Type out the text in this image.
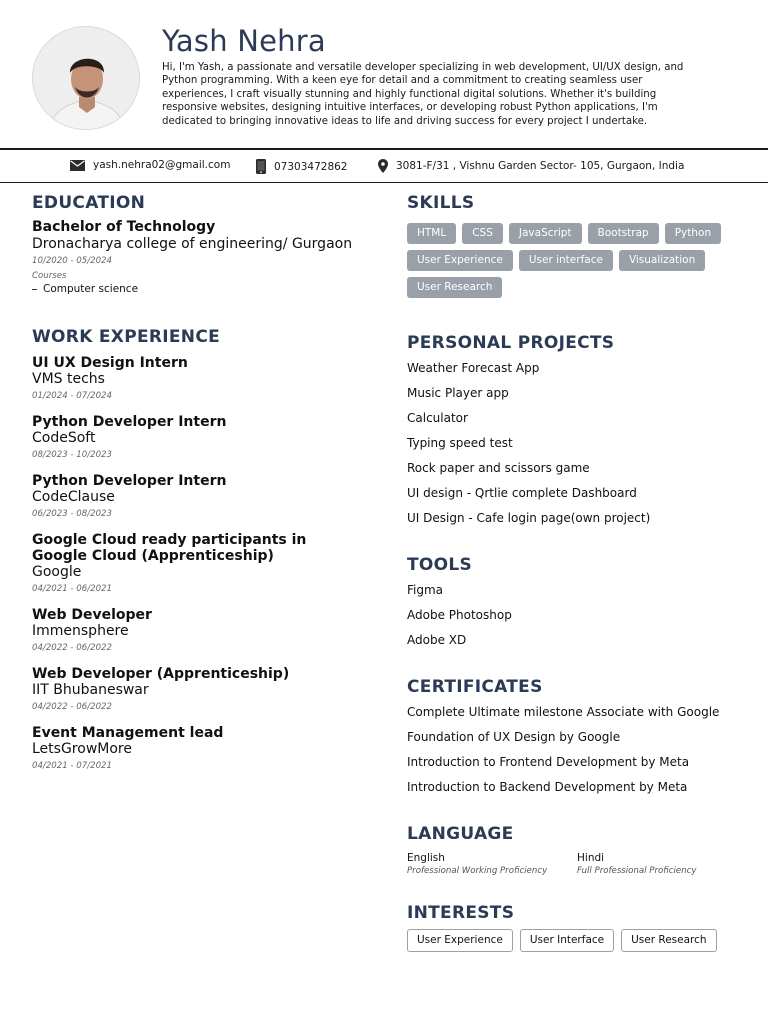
Yash Nehra
Hi, I'm Yash, a passionate and versatile developer specializing in web development, UI/UX design, and Python programming. With a keen eye for detail and a commitment to creating seamless user experiences, I craft visually stunning and highly functional digital solutions. Whether it's building responsive websites, designing intuitive interfaces, or developing robust Python applications, I'm dedicated to bringing innovative ideas to life and driving success for every project I undertake.
yash.nehra02@gmail.com	07303472862	3081-F/31 , Vishnu Garden Sector- 105, Gurgaon, India
EDUCATION
Bachelor of Technology
Dronacharya college of engineering/ Gurgaon
10/2020 - 05/2024
Courses
Computer science
WORK EXPERIENCE
UI UX Design Intern
VMS techs
01/2024 - 07/2024
Python Developer Intern
CodeSoft
08/2023 - 10/2023
Python Developer Intern
CodeClause
06/2023 - 08/2023
Google Cloud ready participants in Google Cloud (Apprenticeship)
Google
04/2021 - 06/2021
Web Developer
Immensphere
04/2022 - 06/2022
Web Developer (Apprenticeship)
IIT Bhubaneswar
04/2022 - 06/2022
Event Management lead
LetsGrowMore
04/2021 - 07/2021
SKILLS
HTML	CSS	JavaScript	Bootstrap	Python
User Experience	User interface	Visualization
User Research
PERSONAL PROJECTS
Weather Forecast App
Music Player app
Calculator
Typing speed test
Rock paper and scissors game
UI design - Qrtlie complete Dashboard
UI Design - Cafe login page(own project)
TOOLS
Figma
Adobe Photoshop
Adobe XD
CERTIFICATES
Complete Ultimate milestone Associate with Google
Foundation of UX Design by Google
Introduction to Frontend Development by Meta
Introduction to Backend Development by Meta
LANGUAGE
English
Professional Working Proficiency
Hindi
Full Professional Proficiency
INTERESTS
User Experience	User Interface	User Research
